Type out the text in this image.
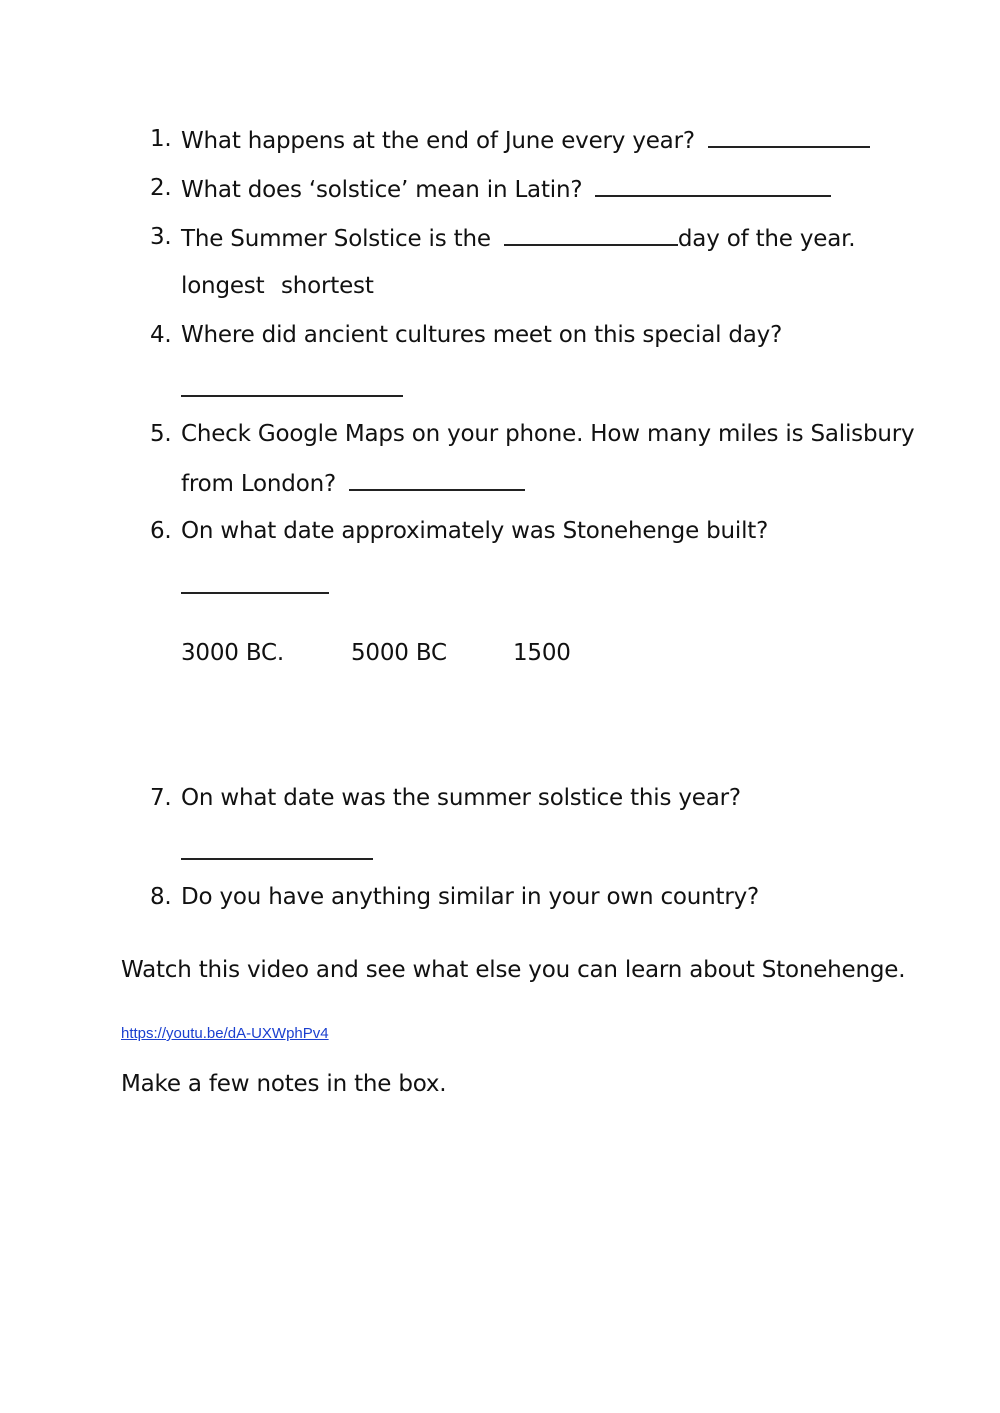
1. What happens at the end of June every year?
2. What does ‘solstice’ mean in Latin?
3. The Summer Solstice is the	day of the year.
longest shortest
4. Where did ancient cultures meet on this special day?
5. Check Google Maps on your phone. How many miles is Salisbury
from London?
6. On what date approximately was Stonehenge built?
3000 BC.	5000 BC	1500
7. On what date was the summer solstice this year?
8. Do you have anything similar in your own country?
Watch this video and see what else you can learn about Stonehenge.
https://youtu.be/dA-UXWphPv4
Make a few notes in the box.
